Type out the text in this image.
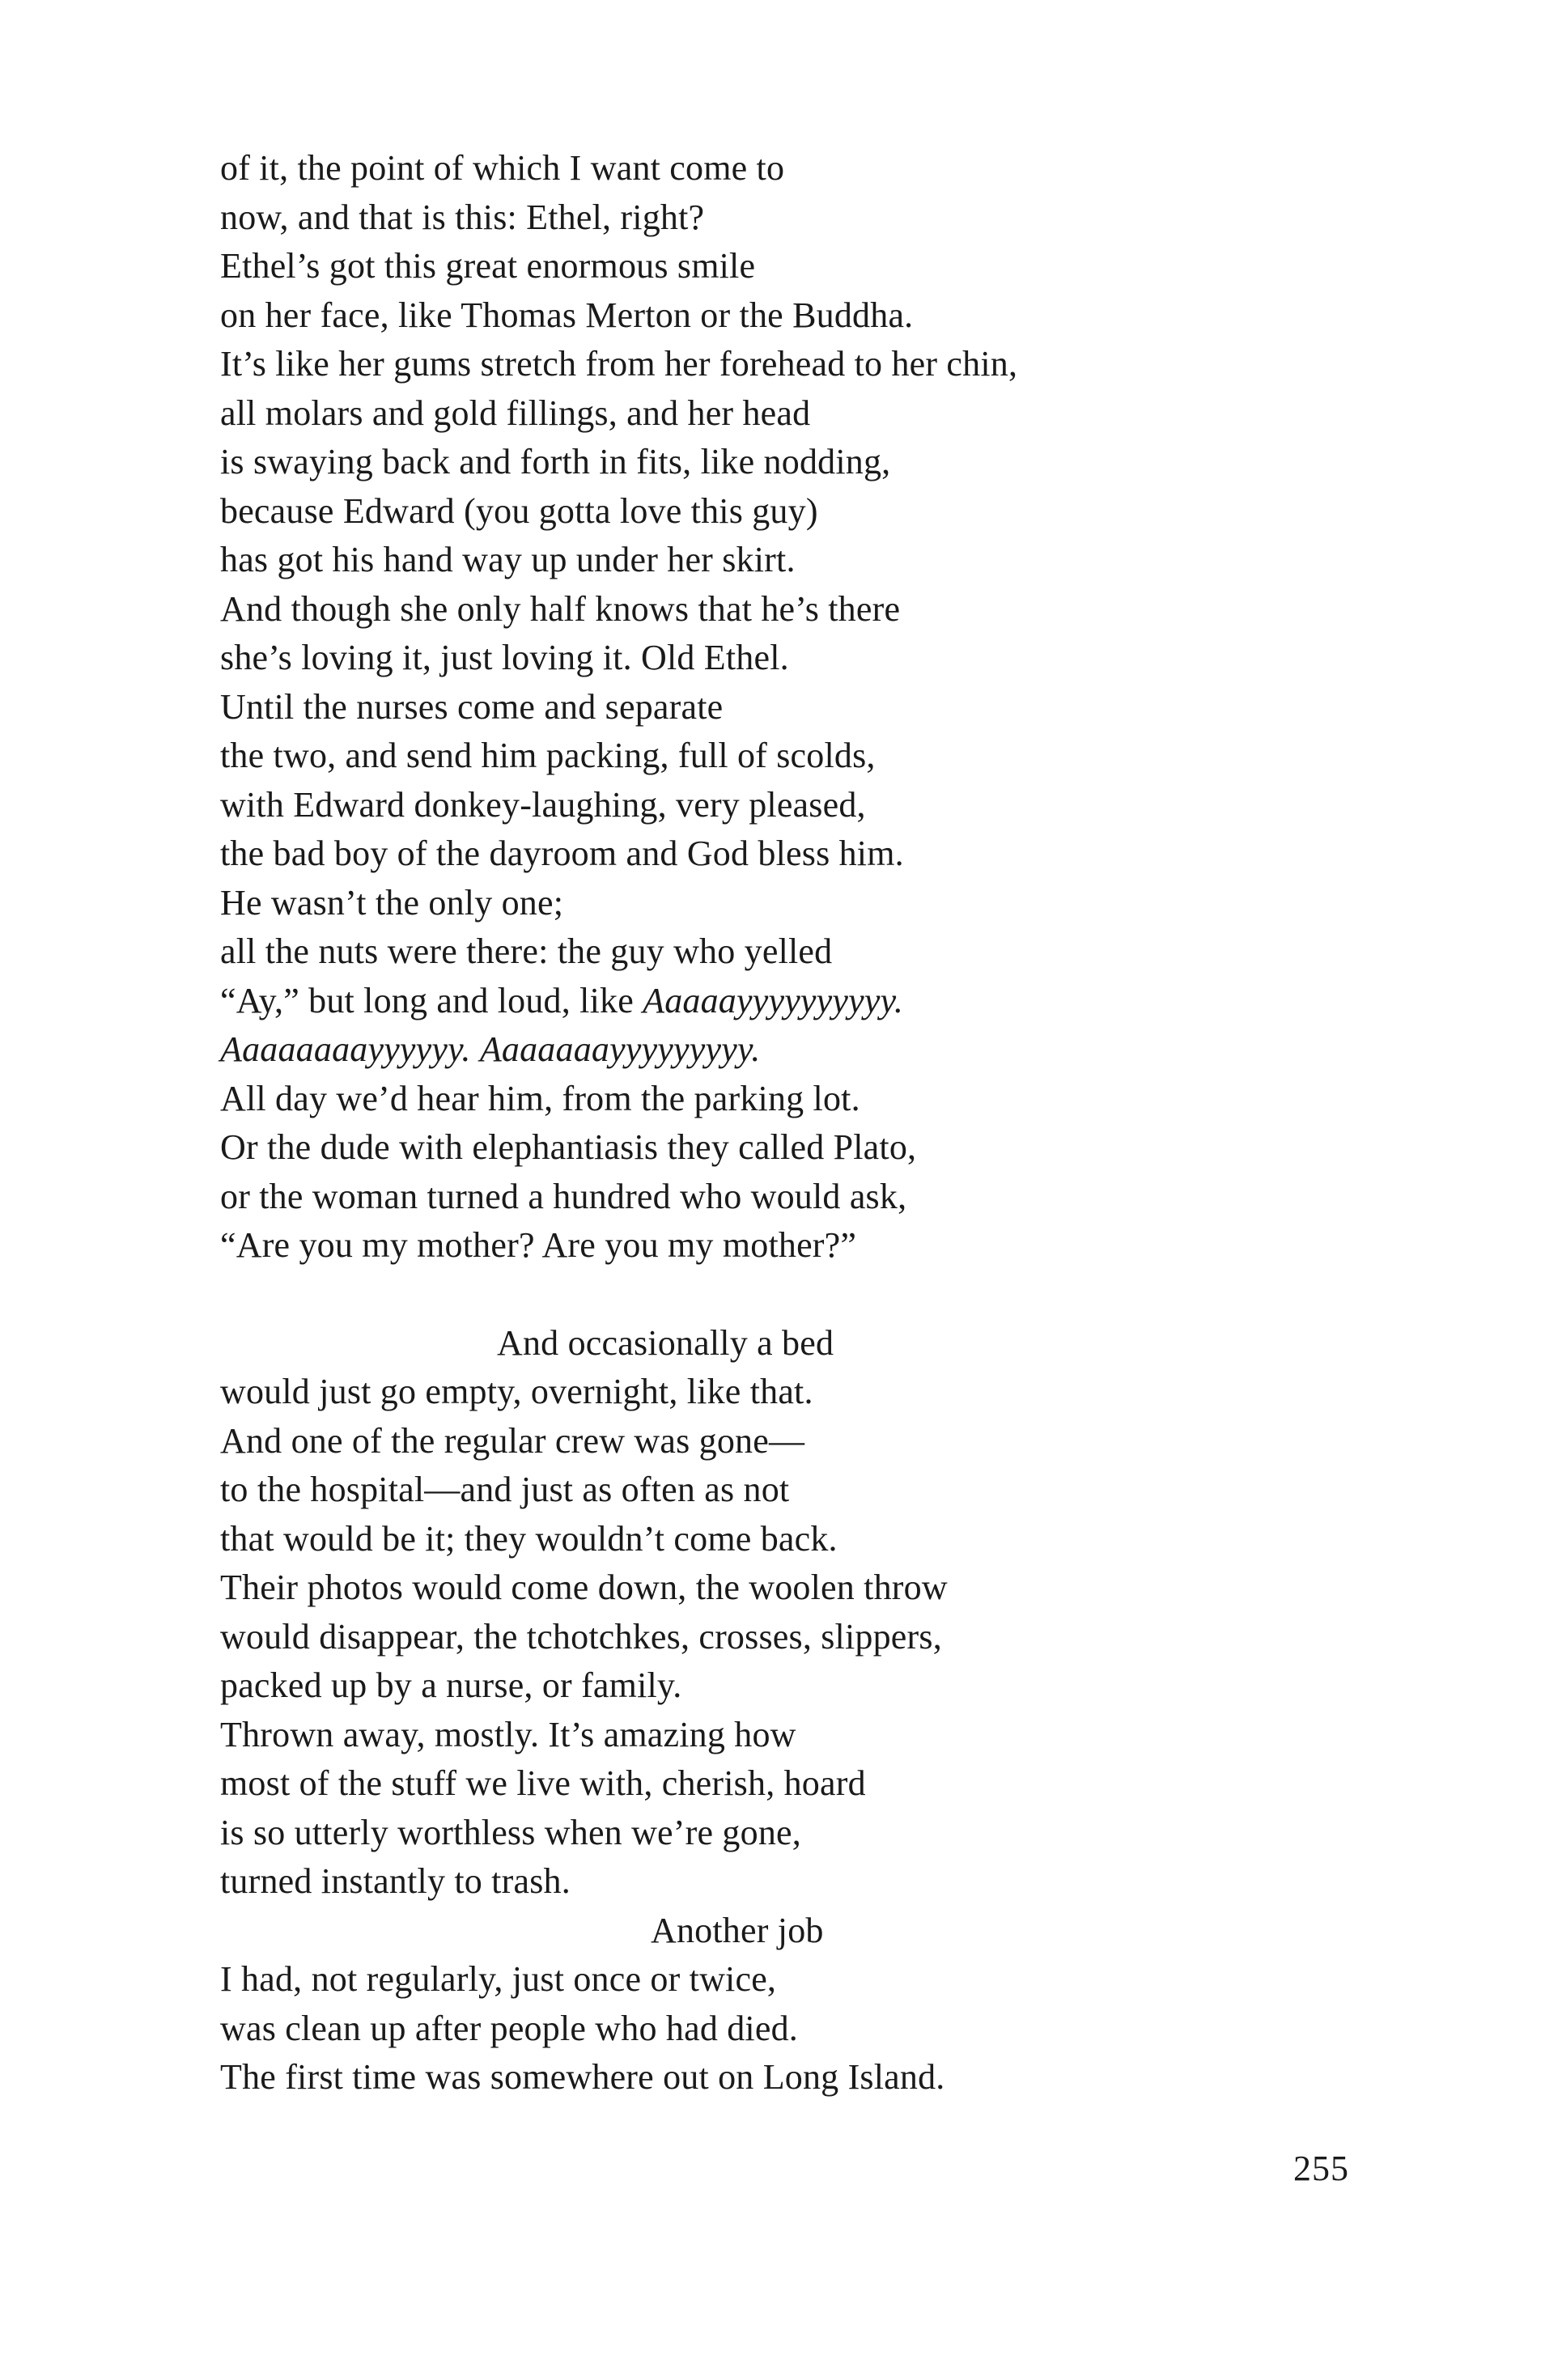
of it, the point of which I want come to
now, and that is this: Ethel, right?
Ethel’s got this great enormous smile
on her face, like Thomas Merton or the Buddha.
It’s like her gums stretch from her forehead to her chin,
all molars and gold fillings, and her head
is swaying back and forth in fits, like nodding,
because Edward (you gotta love this guy)
has got his hand way up under her skirt.
And though she only half knows that he’s there
she’s loving it, just loving it. Old Ethel.
Until the nurses come and separate
the two, and send him packing, full of scolds,
with Edward donkey-laughing, very pleased,
the bad boy of the dayroom and God bless him.
He wasn’t the only one;
all the nuts were there: the guy who yelled
“Ay,” but long and loud, like Aaaaayyyyyyyyyy.
Aaaaaaaayyyyyy. Aaaaaaayyyyyyyyy.
All day we’d hear him, from the parking lot.
Or the dude with elephantiasis they called Plato,
or the woman turned a hundred who would ask,
“Are you my mother? Are you my mother?”
And occasionally a bed
would just go empty, overnight, like that.
And one of the regular crew was gone—
to the hospital—and just as often as not
that would be it; they wouldn’t come back.
Their photos would come down, the woolen throw
would disappear, the tchotchkes, crosses, slippers,
packed up by a nurse, or family.
Thrown away, mostly. It’s amazing how
most of the stuff we live with, cherish, hoard
is so utterly worthless when we’re gone,
turned instantly to trash.
Another job
I had, not regularly, just once or twice,
was clean up after people who had died.
The first time was somewhere out on Long Island.
255
